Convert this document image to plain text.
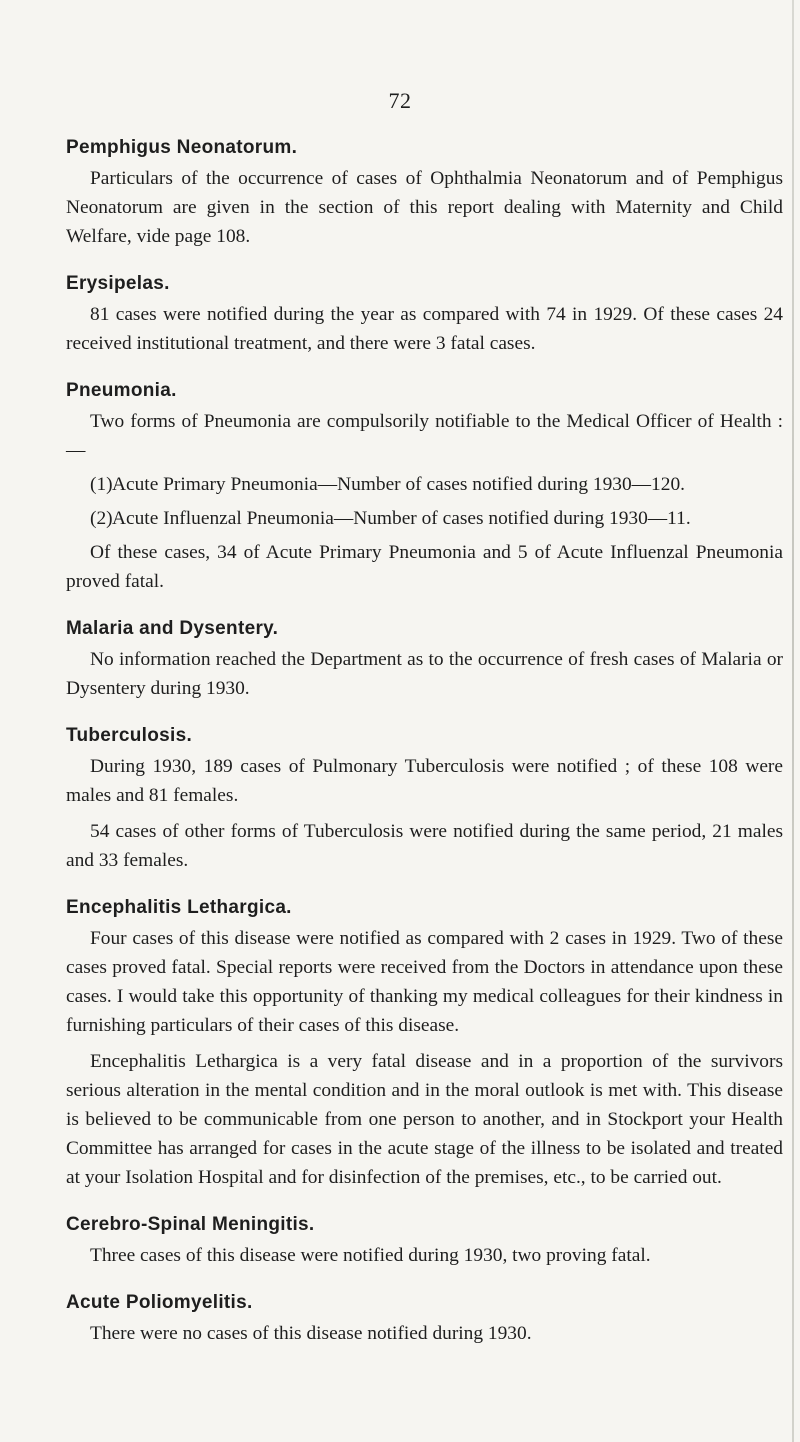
72
Pemphigus Neonatorum.

Particulars of the occurrence of cases of Ophthalmia Neonatorum and of Pemphigus Neonatorum are given in the section of this report dealing with Maternity and Child Welfare, vide page 108.

Erysipelas.

81 cases were notified during the year as compared with 74 in 1929. Of these cases 24 received institutional treatment, and there were 3 fatal cases.

Pneumonia.

Two forms of Pneumonia are compulsorily notifiable to the Medical Officer of Health :—

(1) Acute Primary Pneumonia—Number of cases notified during 1930—120.
(2) Acute Influenzal Pneumonia—Number of cases notified during 1930—11.

Of these cases, 34 of Acute Primary Pneumonia and 5 of Acute Influenzal Pneumonia proved fatal.

Malaria and Dysentery.

No information reached the Department as to the occurrence of fresh cases of Malaria or Dysentery during 1930.

Tuberculosis.

During 1930, 189 cases of Pulmonary Tuberculosis were notified ; of these 108 were males and 81 females.

54 cases of other forms of Tuberculosis were notified during the same period, 21 males and 33 females.

Encephalitis Lethargica.

Four cases of this disease were notified as compared with 2 cases in 1929. Two of these cases proved fatal. Special reports were received from the Doctors in attendance upon these cases. I would take this opportunity of thanking my medical colleagues for their kindness in furnishing particulars of their cases of this disease.

Encephalitis Lethargica is a very fatal disease and in a proportion of the survivors serious alteration in the mental condition and in the moral outlook is met with. This disease is believed to be communicable from one person to another, and in Stockport your Health Committee has arranged for cases in the acute stage of the illness to be isolated and treated at your Isolation Hospital and for disinfection of the premises, etc., to be carried out.

Cerebro-Spinal Meningitis.

Three cases of this disease were notified during 1930, two proving fatal.

Acute Poliomyelitis.

There were no cases of this disease notified during 1930.
